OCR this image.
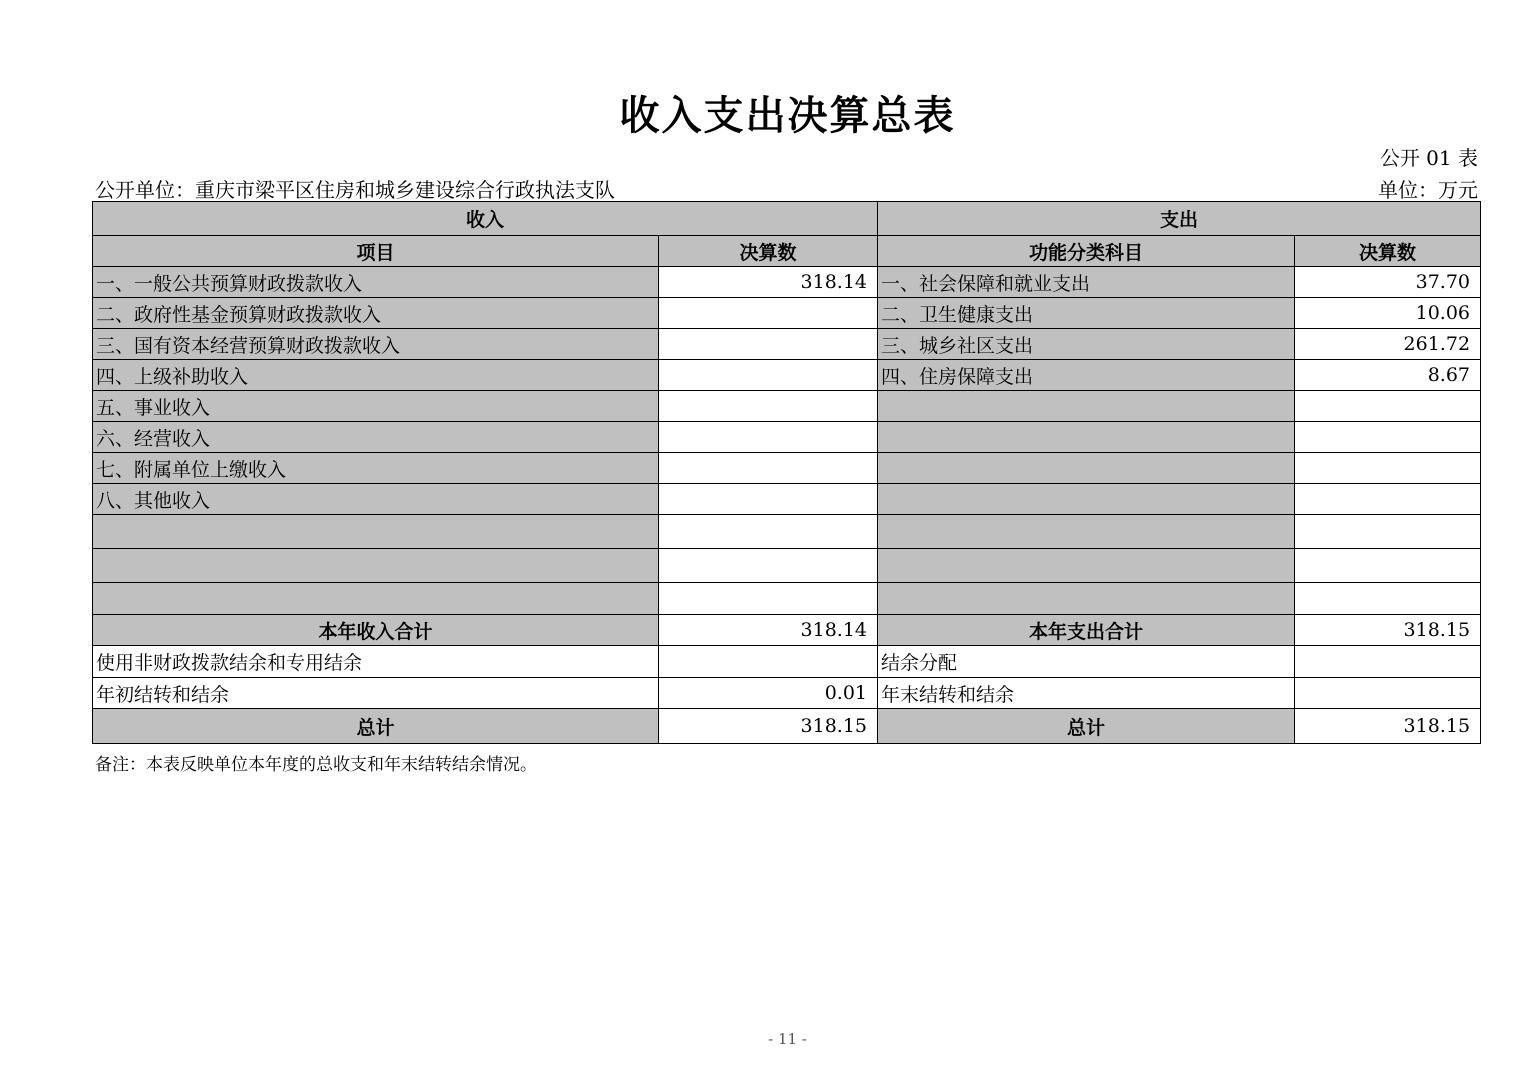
收入支出决算总表
公开 01 表
公开单位：重庆市梁平区住房和城乡建设综合行政执法支队	单位：万元
收入		支出	
项目	决算数	功能分类科目	决算数
一、一般公共预算财政拨款收入	318.14	一、社会保障和就业支出	37.70
二、政府性基金预算财政拨款收入		二、卫生健康支出	10.06
三、国有资本经营预算财政拨款收入		三、城乡社区支出	261.72
四、上级补助收入		四、住房保障支出	8.67
五、事业收入			
六、经营收入			
七、附属单位上缴收入			
八、其他收入			

本年收入合计	318.14	本年支出合计	318.15
使用非财政拨款结余和专用结余		结余分配	
年初结转和结余	0.01	年末结转和结余	
总计	318.15	总计	318.15
备注：本表反映单位本年度的总收支和年末结转结余情况。
- 11 -
